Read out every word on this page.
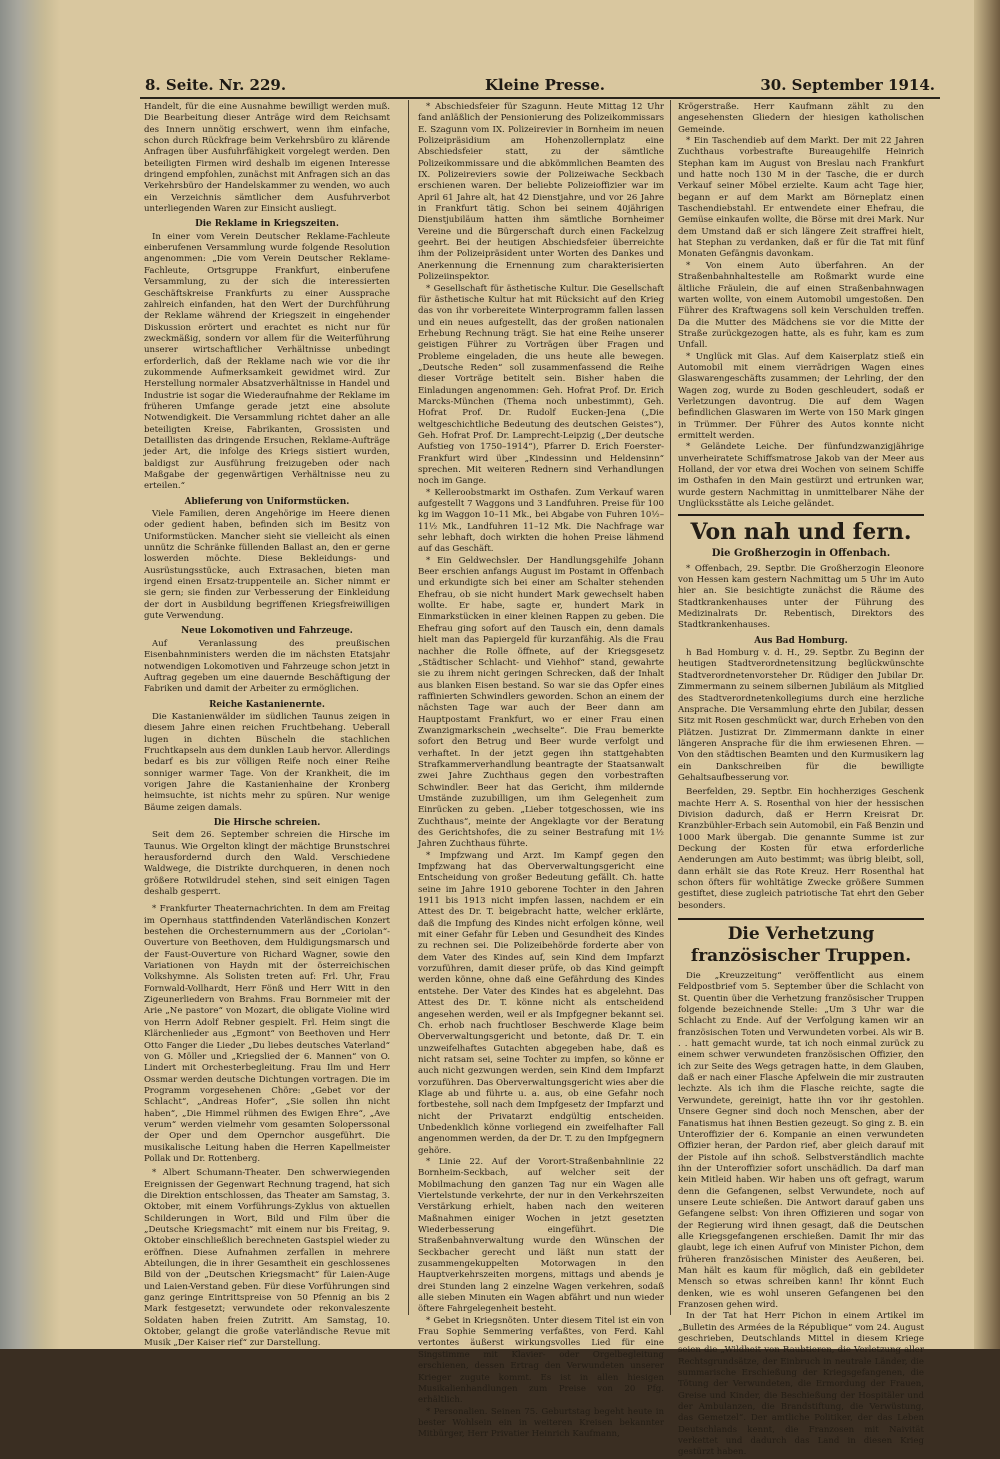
8. Seite. Nr. 229.	Kleine Presse.	30. September 1914.

Handelt, für die eine Ausnahme bewilligt werden muß. Die Bearbeitung dieser Anträge wird dem Reichsamt des Innern unnötig erschwert, wenn ihm einfache, schon durch Rückfrage beim Verkehrsbüro zu klärende Anfragen über Ausfuhrfähigkeit vorgelegt werden. Den beteiligten Firmen wird deshalb im eigenen Interesse dringend empfohlen, zunächst mit Anfragen sich an das Verkehrsbüro der Handelskammer zu wenden, wo auch ein Verzeichnis sämtlicher dem Ausfuhrverbot unterliegenden Waren zur Einsicht ausliegt.

Die Reklame in Kriegszeiten.

In einer vom Verein Deutscher Reklame-Fachleute einberufenen Versammlung wurde folgende Resolution angenommen: „Die vom Verein Deutscher Reklame-Fachleute, Ortsgruppe Frankfurt, einberufene Versammlung, zu der sich die interessierten Geschäftskreise Frankfurts zu einer Aussprache zahlreich einfanden, hat den Wert der Durchführung der Reklame während der Kriegszeit in eingehender Diskussion erörtert und erachtet es nicht nur für zweckmäßig, sondern vor allem für die Weiterführung unserer wirtschaftlicher Verhältnisse unbedingt erforderlich, daß der Reklame nach wie vor die ihr zukommende Aufmerksamkeit gewidmet wird. Zur Herstellung normaler Absatzverhältnisse in Handel und Industrie ist sogar die Wiederaufnahme der Reklame im früheren Umfange gerade jetzt eine absolute Notwendigkeit. Die Versammlung richtet daher an alle beteiligten Kreise, Fabrikanten, Grossisten und Detaillisten das dringende Ersuchen, Reklame-Aufträge jeder Art, die infolge des Kriegs sistiert wurden, baldigst zur Ausführung freizugeben oder nach Maßgabe der gegenwärtigen Verhältnisse neu zu erteilen.“

Ablieferung von Uniformstücken.

Viele Familien, deren Angehörige im Heere dienen oder gedient haben, befinden sich im Besitz von Uniformstücken. Mancher sieht sie vielleicht als einen unnütz die Schränke füllenden Ballast an, den er gerne loswerden möchte. Diese Bekleidungs- und Ausrüstungsstücke, auch Extrasachen, bieten man irgend einen Ersatz-truppenteile an. Sicher nimmt er sie gern; sie finden zur Verbesserung der Einkleidung der dort in Ausbildung begriffenen Kriegsfreiwilligen gute Verwendung.

Neue Lokomotiven und Fahrzeuge.

Auf Veranlassung des preußischen Eisenbahnministers werden die im nächsten Etatsjahr notwendigen Lokomotiven und Fahrzeuge schon jetzt in Auftrag gegeben um eine dauernde Beschäftigung der Fabriken und damit der Arbeiter zu ermöglichen.

Reiche Kastanienernte.

Die Kastanienwälder im südlichen Taunus zeigen in diesem Jahre einen reichen Fruchtbehang. Ueberall lugen in dichten Büscheln die stachlichen Fruchtkapseln aus dem dunklen Laub hervor. Allerdings bedarf es bis zur völligen Reife noch einer Reihe sonniger warmer Tage. Von der Krankheit, die im vorigen Jahre die Kastanienhaine der Kronberg heimsuchte, ist nichts mehr zu spüren. Nur wenige Bäume zeigen damals.

Die Hirsche schreien.

Seit dem 26. September schreien die Hirsche im Taunus. Wie Orgelton klingt der mächtige Brunstschrei herausfordernd durch den Wald. Verschiedene Waldwege, die Distrikte durchqueren, in denen noch größere Rotwildrudel stehen, sind seit einigen Tagen deshalb gesperrt.

* Frankfurter Theaternachrichten. In dem am Freitag im Opernhaus stattfindenden Vaterländischen Konzert bestehen die Orchesternummern aus der „Coriolan“-Ouverture von Beethoven, dem Huldigungsmarsch und der Faust-Ouverture von Richard Wagner, sowie den Variationen von Haydn mit der österreichischen Volkshymne. Als Solisten treten auf: Frl. Uhr, Frau Fornwald-Vollhardt, Herr Fönß und Herr Witt in den Zigeunerliedern von Brahms. Frau Bornmeier mit der Arie „Ne pastore“ von Mozart, die obligate Violine wird von Herrn Adolf Rebner gespielt. Frl. Heim singt die Klärchenlieder aus „Egmont“ von Beethoven und Herr Otto Fanger die Lieder „Du liebes deutsches Vaterland“ von G. Möller und „Kriegslied der 6. Mannen“ von O. Lindert mit Orchesterbegleitung. Frau Ilm und Herr Ossmar werden deutsche Dichtungen vortragen. Die im Programm vorgesehenen Chöre: „Gebet vor der Schlacht“, „Andreas Hofer“, „Sie sollen ihn nicht haben“, „Die Himmel rühmen des Ewigen Ehre“, „Ave verum“ werden vielmehr vom gesamten Soloperssonal der Oper und dem Opernchor ausgeführt. Die musikalische Leitung haben die Herren Kapellmeister Pollak und Dr. Rottenberg.

* Albert Schumann-Theater. Den schwerwiegenden Ereignissen der Gegenwart Rechnung tragend, hat sich die Direktion entschlossen, das Theater am Samstag, 3. Oktober, mit einem Vorführungs-Zyklus von aktuellen Schilderungen in Wort, Bild und Film über die „Deutsche Kriegsmacht“ mit einem nur bis Freitag, 9. Oktober einschließlich berechneten Gastspiel wieder zu eröffnen. Diese Aufnahmen zerfallen in mehrere Abteilungen, die in ihrer Gesamtheit ein geschlossenes Bild von der „Deutschen Kriegsmacht“ für Laien-Auge und Laien-Verstand geben. Für diese Vorführungen sind ganz geringe Eintrittspreise von 50 Pfennig an bis 2 Mark festgesetzt; verwundete oder rekonvaleszente Soldaten haben freien Zutritt. Am Samstag, 10. Oktober, gelangt die große vaterländische Revue mit Musik „Der Kaiser rief“ zur Darstellung.

* Abschiedsfeier für Szagunn. Heute Mittag 12 Uhr fand anläßlich der Pensionierung des Polizeikommissars E. Szagunn vom IX. Polizeirevier in Bornheim im neuen Polizeipräsidium am Hohenzollernplatz eine Abschiedsfeier statt, zu der sämtliche Polizeikommissare und die abkömmlichen Beamten des IX. Polizeireviers sowie der Polizeiwache Seckbach erschienen waren. Der beliebte Polizeioffizier war im April 61 Jahre alt, hat 42 Dienstjahre, und vor 26 Jahre in Frankfurt tätig. Schon bei seinem 40jährigen Dienstjubiläum hatten ihm sämtliche Bornheimer Vereine und die Bürgerschaft durch einen Fackelzug geehrt. Bei der heutigen Abschiedsfeier überreichte ihm der Polizeipräsident unter Worten des Dankes und Anerkennung die Ernennung zum charakterisierten Polizeiinspektor.

* Gesellschaft für ästhetische Kultur. Die Gesellschaft für ästhetische Kultur hat mit Rücksicht auf den Krieg das von ihr vorbereitete Winterprogramm fallen lassen und ein neues aufgestellt, das der großen nationalen Erhebung Rechnung trägt. Sie hat eine Reihe unserer geistigen Führer zu Vorträgen über Fragen und Probleme eingeladen, die uns heute alle bewegen. „Deutsche Reden“ soll zusammenfassend die Reihe dieser Vorträge betitelt sein. Bisher haben die Einladungen angenommen: Geh. Hofrat Prof. Dr. Erich Marcks-München (Thema noch unbestimmt), Geh. Hofrat Prof. Dr. Rudolf Eucken-Jena („Die weltgeschichtliche Bedeutung des deutschen Geistes“), Geh. Hofrat Prof. Dr. Lamprecht-Leipzig („Der deutsche Aufstieg von 1750–1914“), Pfarrer D. Erich Foerster-Frankfurt wird über „Kindessinn und Heldensinn“ sprechen. Mit weiteren Rednern sind Verhandlungen noch im Gange.

* Kelleroobstmarkt im Osthafen. Zum Verkauf waren aufgestellt 7 Waggons und 3 Landfuhren. Preise für 100 kg im Waggon 10–11 Mk., bei Abgabe von Fuhren 10½–11½ Mk., Landfuhren 11–12 Mk. Die Nachfrage war sehr lebhaft, doch wirkten die hohen Preise lähmend auf das Geschäft.

* Ein Geldwechsler. Der Handlungsgehilfe Johann Beer erschien anfangs August im Postamt in Offenbach und erkundigte sich bei einer am Schalter stehenden Ehefrau, ob sie nicht hundert Mark gewechselt haben wollte. Er habe, sagte er, hundert Mark in Einmarkstücken in einer kleinen Rappen zu geben. Die Ehefrau ging sofort auf den Tausch ein, denn damals hielt man das Papiergeld für kurzanfähig. Als die Frau nachher die Rolle öffnete, auf der Kriegsgesetz „Städtischer Schlacht- und Viehhof“ stand, gewahrte sie zu ihrem nicht geringen Schrecken, daß der Inhalt aus blanken Eisen bestand. So war sie das Opfer eines raffinierten Schwindlers geworden. Schon an einem der nächsten Tage war auch der Beer dann am Hauptpostamt Frankfurt, wo er einer Frau einen Zwanzigmarkschein „wechselte“. Die Frau bemerkte sofort den Betrug und Beer wurde verfolgt und verhaftet. In der jetzt gegen ihn stattgehabten Strafkammerverhandlung beantragte der Staatsanwalt zwei Jahre Zuchthaus gegen den vorbestraften Schwindler. Beer hat das Gericht, ihm mildernde Umstände zuzubilligen, um ihm Gelegenheit zum Einrücken zu geben. „Lieber totgeschossen, wie ins Zuchthaus“, meinte der Angeklagte vor der Beratung des Gerichtshofes, die zu seiner Bestrafung mit 1½ Jahren Zuchthaus führte.

* Impfzwang und Arzt. Im Kampf gegen den Impfzwang hat das Oberverwaltungsgericht eine Entscheidung von großer Bedeutung gefällt. Ch. hatte seine im Jahre 1910 geborene Tochter in den Jahren 1911 bis 1913 nicht impfen lassen, nachdem er ein Attest des Dr. T. beigebracht hatte, welcher erklärte, daß die Impfung des Kindes nicht erfolgen könne, weil mit einer Gefahr für Leben und Gesundheit des Kindes zu rechnen sei. Die Polizeibehörde forderte aber von dem Vater des Kindes auf, sein Kind dem Impfarzt vorzuführen, damit dieser prüfe, ob das Kind geimpft werden könne, ohne daß eine Gefährdung des Kindes entstehe. Der Vater des Kindes hat es abgelehnt. Das Attest des Dr. T. könne nicht als entscheidend angesehen werden, weil er als Impfgegner bekannt sei. Ch. erhob nach fruchtloser Beschwerde Klage beim Oberverwaltungsgericht und betonte, daß Dr. T. ein unzweifelhaftes Gutachten abgegeben habe, daß es nicht ratsam sei, seine Tochter zu impfen, so könne er auch nicht gezwungen werden, sein Kind dem Impfarzt vorzuführen. Das Oberverwaltungsgericht wies aber die Klage ab und führte u. a. aus, ob eine Gefahr noch fortbestehe, soll nach dem Impfgesetz der Impfarzt und nicht der Privatarzt endgültig entscheiden. Unbedenklich könne vorliegend ein zweifelhafter Fall angenommen werden, da der Dr. T. zu den Impfgegnern gehöre.

* Linie 22. Auf der Vorort-Straßenbahnlinie 22 Bornheim-Seckbach, auf welcher seit der Mobilmachung den ganzen Tag nur ein Wagen alle Viertelstunde verkehrte, der nur in den Verkehrszeiten Verstärkung erhielt, haben nach den weiteren Maßnahmen einiger Wochen in jetzt gesetzten Wiederbesserung eingeführt. Die Straßenbahnverwaltung wurde den Wünschen der Seckbacher gerecht und läßt nun statt der zusammengekuppelten Motorwagen in den Hauptverkehrszeiten morgens, mittags und abends je drei Stunden lang 2 einzelne Wagen verkehren, sodaß alle sieben Minuten ein Wagen abfährt und nun wieder öftere Fahrgelegenheit besteht.

* Gebet in Kriegsnöten. Unter diesem Titel ist ein von Frau Sophie Semmering verfaßtes, von Ferd. Kahl vertontes äußerst wirkungsvolles Lied für eine Singstimme mit Klavier- oder Orgelbegleitung erschienen, dessen Ertrag den Verwundeten unserer Krieger zugute kommt. Es ist in allen hiesigen Musikalienhandlungen zum Preise von 20 Pfg. erhältlich.

* Personalien. Seinen 75. Geburtstag begeht heute in bester Wohlsein ein in weiteren Kreisen bekannter Mitbürger, Herr Privatier Heinrich Kaufmann,

Krögerstraße. Herr Kaufmann zählt zu den angesehensten Gliedern der hiesigen katholischen Gemeinde.

* Ein Taschendieb auf dem Markt. Der mit 22 Jahren Zuchthaus vorbestrafte Bureaugehilfe Heinrich Stephan kam im August von Breslau nach Frankfurt und hatte noch 130 M in der Tasche, die er durch Verkauf seiner Möbel erzielte. Kaum acht Tage hier, begann er auf dem Markt am Börneplatz einen Taschendiebstahl. Er entwendete einer Ehefrau, die Gemüse einkaufen wollte, die Börse mit drei Mark. Nur dem Umstand daß er sich längere Zeit straffrei hielt, hat Stephan zu verdanken, daß er für die Tat mit fünf Monaten Gefängnis davonkam.

* Von einem Auto überfahren. An der Straßenbahnhaltestelle am Roßmarkt wurde eine ältliche Fräulein, die auf einen Straßenbahnwagen warten wollte, von einem Automobil umgestoßen. Den Führer des Kraftwagens soll kein Verschulden treffen. Da die Mutter des Mädchens sie vor die Mitte der Straße zurückgezogen hatte, als es fuhr, kam es zum Unfall.

* Unglück mit Glas. Auf dem Kaiserplatz stieß ein Automobil mit einem vierrädrigen Wagen eines Glaswarengeschäfts zusammen; der Lehrling, der den Wagen zog, wurde zu Boden geschleudert, sodaß er Verletzungen davontrug. Die auf dem Wagen befindlichen Glaswaren im Werte von 150 Mark gingen in Trümmer. Der Führer des Autos konnte nicht ermittelt werden.

* Geländete Leiche. Der fünfundzwanzigjährige unverheiratete Schiffsmatrose Jakob van der Meer aus Holland, der vor etwa drei Wochen von seinem Schiffe im Osthafen in den Main gestürzt und ertrunken war, wurde gestern Nachmittag in unmittelbarer Nähe der Unglücksstätte als Leiche geländet.

Von nah und fern.
Die Großherzogin in Offenbach.

* Offenbach, 29. Septbr. Die Großherzogin Eleonore von Hessen kam gestern Nachmittag um 5 Uhr im Auto hier an. Sie besichtigte zunächst die Räume des Stadtkrankenhauses unter der Führung des Medizinalrats Dr. Rebentisch, Direktors des Stadtkrankenhauses.

Aus Bad Homburg.

h Bad Homburg v. d. H., 29. Septbr. Zu Beginn der heutigen Stadtverordnetensitzung beglückwünschte Stadtverordnetenvorsteher Dr. Rüdiger den Jubilar Dr. Zimmermann zu seinem silbernen Jubiläum als Mitglied des Stadtverordnetenkollegiums durch eine herzliche Ansprache. Die Versammlung ehrte den Jubilar, dessen Sitz mit Rosen geschmückt war, durch Erheben von den Plätzen. Justizrat Dr. Zimmermann dankte in einer längeren Ansprache für die ihm erwiesenen Ehren. — Von den städtischen Beamten und den Kurmusikern lag ein Dankschreiben für die bewilligte Gehaltsaufbesserung vor.

Beerfelden, 29. Septbr. Ein hochherziges Geschenk machte Herr A. S. Rosenthal von hier der hessischen Division dadurch, daß er Herrn Kreisrat Dr. Kranzbühler-Erbach sein Automobil, ein Faß Benzin und 1000 Mark übergab. Die genannte Summe ist zur Deckung der Kosten für etwa erforderliche Aenderungen am Auto bestimmt; was übrig bleibt, soll, dann erhält sie das Rote Kreuz. Herr Rosenthal hat schon öfters für wohltätige Zwecke größere Summen gestiftet, diese zugleich patriotische Tat ehrt den Geber besonders.

Die Verhetzung französischer Truppen.

Die „Kreuzzeitung“ veröffentlicht aus einem Feldpostbrief vom 5. September über die Schlacht von St. Quentin über die Verhetzung französischer Truppen folgende bezeichnende Stelle: „Um 3 Uhr war die Schlacht zu Ende. Auf der Verfolgung kamen wir an französischen Toten und Verwundeten vorbei. Als wir B. . . hatt gemacht wurde, tat ich noch einmal zurück zu einem schwer verwundeten französischen Offizier, den ich zur Seite des Wegs getragen hatte, in dem Glauben, daß er nach einer Flasche Apfelwein die mir zustrauten lechzte. Als ich ihm die Flasche reichte, sagte die Verwundete, gereinigt, hatte ihn vor ihr gestohlen. Unsere Gegner sind doch noch Menschen, aber der Fanatismus hat ihnen Bestien gezeugt. So ging z. B. ein Unteroffizier der 6. Kompanie an einen verwundeten Offizier heran, der Pardon rief, aber gleich darauf mit der Pistole auf ihn schoß. Selbstverständlich machte ihn der Unteroffizier sofort unschädlich. Da darf man kein Mitleid haben. Wir haben uns oft gefragt, warum denn die Gefangenen, selbst Verwundete, noch auf unsere Leute schießen. Die Antwort darauf gaben uns Gefangene selbst: Von ihren Offizieren und sogar von der Regierung wird ihnen gesagt, daß die Deutschen alle Kriegsgefangenen erschießen. Damit Ihr mir das glaubt, lege ich einen Aufruf von Minister Pichon, dem früheren französischen Minister des Aeußeren, bei. Man hält es kaum für möglich, daß ein gebildeter Mensch so etwas schreiben kann! Ihr könnt Euch denken, wie es wohl unseren Gefangenen bei den Franzosen gehen wird.

In der Tat hat Herr Pichon in einem Artikel im „Bulletin des Armées de la République“ vom 24. August geschrieben, Deutschlands Mittel in diesem Kriege seien die „Wildheit von Raubtieren, die Verletzung aller Rechtsgrundsätze, der Einbruch in neutrale Länder, die summarische Erschießung der Kriegsgefangenen, die Tötung der Verwundeten, die Ermordung der Frauen, Greise und Kinder, die Beschießung der Hospitäler und der Ambulanzen, die Brandstiftung, die Verwüstung, das Gemetzel“. Der amtliche Politiker, der das Leben Deutschlands kennt, die Franzosen mit Naivität verkettet und dadurch das Land in diesen Krieg gestürzt haben.
